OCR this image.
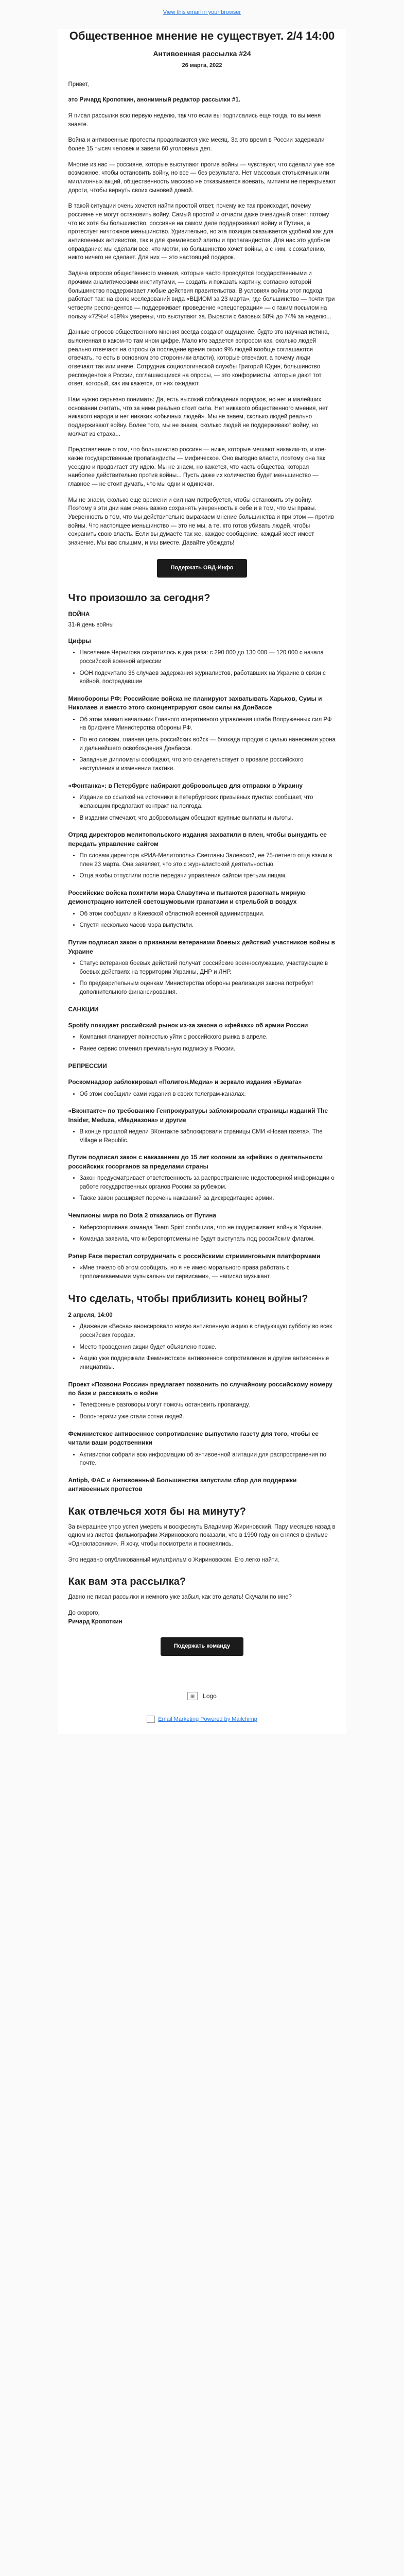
View this email in your browser
Общественное мнение не существует. 2/4 14:00
Антивоенная рассылка #24
26 марта, 2022

Привет,

это Ричард Кропоткин, анонимный редактор рассылки #1.

Я писал рассылки всю первую неделю, так что если вы подписались еще тогда, то вы меня знаете.

Война и антивоенные протесты продолжаются уже месяц. За это время в России задержали более 15 тысяч человек и завели 60 уголовных дел.

Многие из нас — россияне, которые выступают против войны — чувствуют, что сделали уже все возможное, чтобы остановить войну, но все — без результата. Нет массовых стотысячных или миллионных акций, общественность массово не отказывается воевать, митинги не перекрывают дороги, чтобы вернуть своих сыновей домой.

В такой ситуации очень хочется найти простой ответ, почему же так происходит, почему россияне не могут остановить войну. Самый простой и отчасти даже очевидный ответ: потому что их хотя бы большинство, россияне на самом деле поддерживают войну и Путина, а протестует ничтожное меньшинство. Удивительно, но эта позиция оказывается удобной как для антивоенных активистов, так и для кремлевской элиты и пропагандистов. Для нас это удобное оправдание: мы сделали все, что могли, но большинство хочет войны, а с ним, к сожалению, никто ничего не сделает. Для них — это настоящий подарок.

Задача опросов общественного мнения, которые часто проводятся государственными и прочими аналитическими институтами, — создать и показать картину, согласно которой большинство поддерживает любые действия правительства. В условиях войны этот подход работает так: на фоне исследований вида «ВЦИОМ за 23 марта», где большинство — почти три четверти респондентов — поддерживает проведение «спецоперации» — с таким посылом на пользу «72%»! «59%» уверены, что выступают за. Вырасти с базовых 58% до 74% за неделю...

Данные опросов общественного мнения всегда создают ощущение, будто это научная истина, выясненная в каком-то там ином цифре. Мало кто задается вопросом как, сколько людей реально отвечают на опросы (а последние время около 9% людей вообще соглашаются отвечать, то есть в основном это сторонники власти), которые отвечают, а почему люди отвечают так или иначе. Сотрудник социологической службы Григорий Юдин, большинство респондентов в России, соглашающихся на опросы, — это конформисты, которые дают тот ответ, который, как им кажется, от них ожидают.

Нам нужно серьезно понимать: Да, есть высокий соблюдения порядков, но нет и малейших основании считать, что за ними реально стоит сила. Нет никакого общественного мнения, нет никакого народа и нет никаких «обычных людей». Мы не знаем, сколько людей реально поддерживают войну. Более того, мы не знаем, сколько людей не поддерживают войну, но молчат из страха...

Представление о том, что большинство россиян — ниже, которые мешают никаким-то, и кое-какие государственные пропагандисты — мифическое. Оно выгодно власти, поэтому она так усердно и продвигает эту идею. Мы не знаем, но кажется, что часть общества, которая наиболее действительно против войны... Пусть даже их количество будет меньшинство — главное — не стоит думать, что мы одни и одиночки.

Мы не знаем, сколько еще времени и сил нам потребуется, чтобы остановить эту войну. Поэтому в эти дни нам очень важно сохранять уверенность в себе и в том, что мы правы. Уверенность в том, что мы действительно выражаем мнение большинства и при этом — против войны. Что настоящее меньшинство — это не мы, а те, кто готов убивать людей, чтобы сохранить свою власть. Если вы думаете так же, каждое сообщение, каждый жест имеет значение. Мы вас слышим, и мы вместе. Давайте убеждать!

Подержать ОВД-Инфо
Что произошло за сегодня?
ВОЙНА

31-й день войны

Цифры
• Население Чернигова сократилось в два раза: с 290 000 до 130 000 — 120 000 с начала российской военной агрессии
• ООН подсчитало 36 случаев задержания журналистов, работавших на Украине в связи с войной, пострадавшие
Минобороны РФ: Российские войска не планируют захватывать Харьков, Сумы и Николаев и вместо этого сконцентрируют свои силы на Донбассе
• Об этом заявил начальник Главного оперативного управления штаба Вооруженных сил РФ на брифинге Министерства обороны РФ.
• По его словам, главная цель российских войск — блокада городов с целью нанесения урона и дальнейшего освобождения Донбасса.
• Западные дипломаты сообщают, что это свидетельствует о провале российского наступления и изменении тактики.
«Фонтанка»: в Петербурге набирают добровольцев для отправки в Украину
• Издание со ссылкой на источники в петербургских призывных пунктах сообщает, что желающим предлагают контракт на полгода.
• В издании отмечают, что добровольцам обещают крупные выплаты и льготы.
Отряд директоров мелитопольского издания захватили в плен, чтобы вынудить ее передать управление сайтом
• По словам директора «РИА-Мелитополь» Светланы Залевской, ее 75-летнего отца взяли в плен 23 марта. Она заявляет, что это с журналистской деятельностью.
• Отца якобы отпустили после передачи управления сайтом третьим лицам.
Российские войска похитили мэра Славутича и пытаются разогнать мирную демонстрацию жителей светошумовыми гранатами и стрельбой в воздух
• Об этом сообщили в Киевской областной военной администрации.
• Спустя несколько часов мэра выпустили.
Путин подписал закон о признании ветеранами боевых действий участников войны в Украине
• Статус ветеранов боевых действий получат российские военнослужащие, участвующие в боевых действиях на территории Украины, ДНР и ЛНР.
• По предварительным оценкам Министерства обороны реализация закона потребует дополнительного финансирования.
САНКЦИИ
Spotify покидает российский рынок из-за закона о «фейках» об армии России
• Компания планирует полностью уйти с российского рынка в апреле.
• Ранее сервис отменил премиальную подписку в России.
РЕПРЕССИИ
Роскомнадзор заблокировал «Полигон.Медиа» и зеркало издания «Бумага»
• Об этом сообщили сами издания в своих телеграм-каналах.
«Вконтакте» по требованию Генпрокуратуры заблокировали страницы изданий The Insider, Meduza, «Медиазона» и другие
• В конце прошлой недели ВКонтакте заблокировали страницы СМИ «Новая газета», The Village и Republic.
Путин подписал закон с наказанием до 15 лет колонии за «фейки» о деятельности российских госорганов за пределами страны
• Закон предусматривает ответственность за распространение недостоверной информации о работе государственных органов России за рубежом.
• Также закон расширяет перечень наказаний за дискредитацию армии.
Чемпионы мира по Dota 2 отказались от Путина
• Киберспортивная команда Team Spirit сообщила, что не поддерживает войну в Украине.
• Команда заявила, что киберспортсмены не будут выступать под российским флагом.
Рэпер Face перестал сотрудничать с российскими стриминговыми платформами
• «Мне тяжело об этом сообщать, но я не имею морального права работать с проплачиваемыми музыкальными сервисами», — написал музыкант.
Что сделать, чтобы приблизить конец войны?
2 апреля, 14:00
• Движение «Весна» анонсировало новую антивоенную акцию в следующую субботу во всех российских городах.
• Место проведения акции будет объявлено позже.
• Акцию уже поддержали Феминистское антивоенное сопротивление и другие антивоенные инициативы.
Проект «Позвони России» предлагает позвонить по случайному российскому номеру по базе и рассказать о войне
• Телефонные разговоры могут помочь остановить пропаганду.
• Волонтерами уже стали сотни людей.
Феминистское антивоенное сопротивление выпустило газету для того, чтобы ее читали ваши родственники
• Активистки собрали всю информацию об антивоенной агитации для распространения по почте.
Antipb, ФАС и Антивоенный Большинства запустили сбор для поддержки антивоенных протестов
Как отвлечься хотя бы на минуту?

За вчерашнее утро успел умереть и воскреснуть Владимир Жириновский. Пару месяцев назад в одном из листов фильмографии Жириновского показали, что в 1990 году он снялся в фильме «Одноклассники». Я хочу, чтобы посмотрели и посмеялись.

Это недавно опубликованный мультфильм о Жириновском. Его легко найти.

Как вам эта рассылка?

Давно не писал рассылки и немного уже забыл, как это делать! Скучали по мне?

До скорого,
Ричард Кропоткин

Подержать команду
▣	Logo
Email Marketing Powered by Mailchimp
